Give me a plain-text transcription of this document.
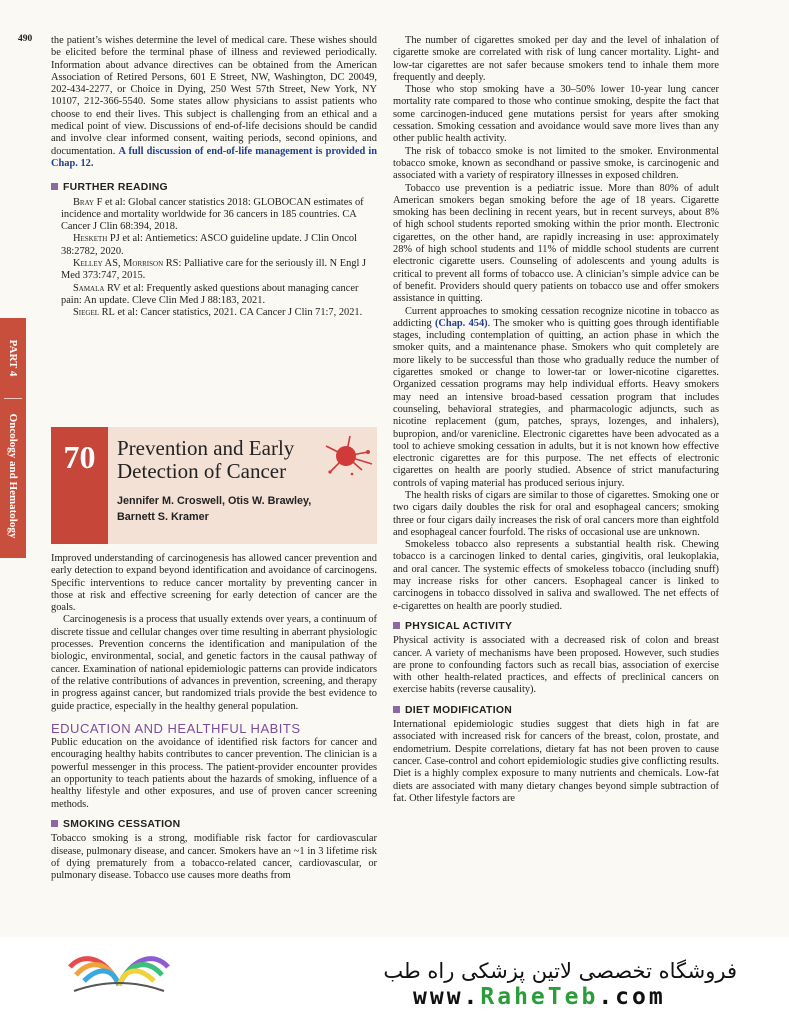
490
PART 4
Oncology and Hematology

the patient’s wishes determine the level of medical care. These wishes should be elicited before the terminal phase of illness and reviewed periodically. Information about advance directives can be obtained from the American Association of Retired Persons, 601 E Street, NW, Washington, DC 20049, 202-434-2277, or Choice in Dying, 250 West 57th Street, New York, NY 10107, 212-366-5540. Some states allow physicians to assist patients who choose to end their lives. This subject is challenging from an ethical and a medical point of view. Discussions of end-of-life decisions should be candid and involve clear informed consent, waiting periods, second opinions, and documentation. A full discussion of end-of-life management is provided in Chap. 12.

FURTHER READING

Bray F et al: Global cancer statistics 2018: GLOBOCAN estimates of incidence and mortality worldwide for 36 cancers in 185 countries. CA Cancer J Clin 68:394, 2018.

Hesketh PJ et al: Antiemetics: ASCO guideline update. J Clin Oncol 38:2782, 2020.

Kelley AS, Morrison RS: Palliative care for the seriously ill. N Engl J Med 373:747, 2015.

Samala RV et al: Frequently asked questions about managing cancer pain: An update. Cleve Clin Med J 88:183, 2021.

Siegel RL et al: Cancer statistics, 2021. CA Cancer J Clin 71:7, 2021.

70	Prevention and Early
Detection of Cancer
Jennifer M. Croswell, Otis W. Brawley,
Barnett S. Kramer

Improved understanding of carcinogenesis has allowed cancer prevention and early detection to expand beyond identification and avoidance of carcinogens. Specific interventions to reduce cancer mortality by preventing cancer in those at risk and effective screening for early detection of cancer are the goals.

Carcinogenesis is a process that usually extends over years, a continuum of discrete tissue and cellular changes over time resulting in aberrant physiologic processes. Prevention concerns the identification and manipulation of the biologic, environmental, social, and genetic factors in the causal pathway of cancer. Examination of national epidemiologic patterns can provide indicators of the relative contributions of advances in prevention, screening, and therapy in progress against cancer, but randomized trials provide the best evidence to guide practice, especially in the healthy general population.

EDUCATION AND HEALTHFUL HABITS

Public education on the avoidance of identified risk factors for cancer and encouraging healthy habits contributes to cancer prevention. The clinician is a powerful messenger in this process. The patient-provider encounter provides an opportunity to teach patients about the hazards of smoking, influence of a healthy lifestyle and other exposures, and use of proven cancer screening methods.

SMOKING CESSATION

Tobacco smoking is a strong, modifiable risk factor for cardiovascular disease, pulmonary disease, and cancer. Smokers have an ~1 in 3 lifetime risk of dying prematurely from a tobacco-related cancer, cardiovascular, or pulmonary disease. Tobacco use causes more deaths from

The number of cigarettes smoked per day and the level of inhalation of cigarette smoke are correlated with risk of lung cancer mortality. Light- and low-tar cigarettes are not safer because smokers tend to inhale them more frequently and deeply.

Those who stop smoking have a 30–50% lower 10-year lung cancer mortality rate compared to those who continue smoking, despite the fact that some carcinogen-induced gene mutations persist for years after smoking cessation. Smoking cessation and avoidance would save more lives than any other public health activity.

The risk of tobacco smoke is not limited to the smoker. Environmental tobacco smoke, known as secondhand or passive smoke, is carcinogenic and associated with a variety of respiratory illnesses in exposed children.

Tobacco use prevention is a pediatric issue. More than 80% of adult American smokers began smoking before the age of 18 years. Cigarette smoking has been declining in recent years, but in recent surveys, about 8% of high school students reported smoking within the prior month. Electronic cigarettes, on the other hand, are rapidly increasing in use: approximately 28% of high school students and 11% of middle school students are current electronic cigarette users. Counseling of adolescents and young adults is critical to prevent all forms of tobacco use. A clinician’s simple advice can be of benefit. Providers should query patients on tobacco use and offer smokers assistance in quitting.

Current approaches to smoking cessation recognize nicotine in tobacco as addicting (Chap. 454). The smoker who is quitting goes through identifiable stages, including contemplation of quitting, an action phase in which the smoker quits, and a maintenance phase. Smokers who quit completely are more likely to be successful than those who gradually reduce the number of cigarettes smoked or change to lower-tar or lower-nicotine cigarettes. Organized cessation programs may help individual efforts. Heavy smokers may need an intensive broad-based cessation program that includes counseling, behavioral strategies, and pharmacologic adjuncts, such as nicotine replacement (gum, patches, sprays, lozenges, and inhalers), bupropion, and/or varenicline. Electronic cigarettes have been advocated as a tool to achieve smoking cessation in adults, but it is not known how effective electronic cigarettes are for this purpose. The net effects of electronic cigarettes on health are poorly studied. Absence of strict manufacturing controls of vaping material has produced serious injury.

The health risks of cigars are similar to those of cigarettes. Smoking one or two cigars daily doubles the risk for oral and esophageal cancers; smoking three or four cigars daily increases the risk of oral cancers more than eightfold and esophageal cancer fourfold. The risks of occasional use are unknown.

Smokeless tobacco also represents a substantial health risk. Chewing tobacco is a carcinogen linked to dental caries, gingivitis, oral leukoplakia, and oral cancer. The systemic effects of smokeless tobacco (including snuff) may increase risks for other cancers. Esophageal cancer is linked to carcinogens in tobacco dissolved in saliva and swallowed. The net effects of e-cigarettes on health are poorly studied.

PHYSICAL ACTIVITY

Physical activity is associated with a decreased risk of colon and breast cancer. A variety of mechanisms have been proposed. However, such studies are prone to confounding factors such as recall bias, association of exercise with other health-related practices, and effects of preclinical cancers on exercise habits (reverse causality).

DIET MODIFICATION

International epidemiologic studies suggest that diets high in fat are associated with increased risk for cancers of the breast, colon, prostate, and endometrium. Despite correlations, dietary fat has not been proven to cause cancer. Case-control and cohort epidemiologic studies give conflicting results. Diet is a highly complex exposure to many nutrients and chemicals. Low-fat diets are associated with many dietary changes beyond simple subtraction of fat. Other lifestyle factors are

فروشگاه تخصصی لاتین پزشکی راه طب
www.RaheTeb.com
